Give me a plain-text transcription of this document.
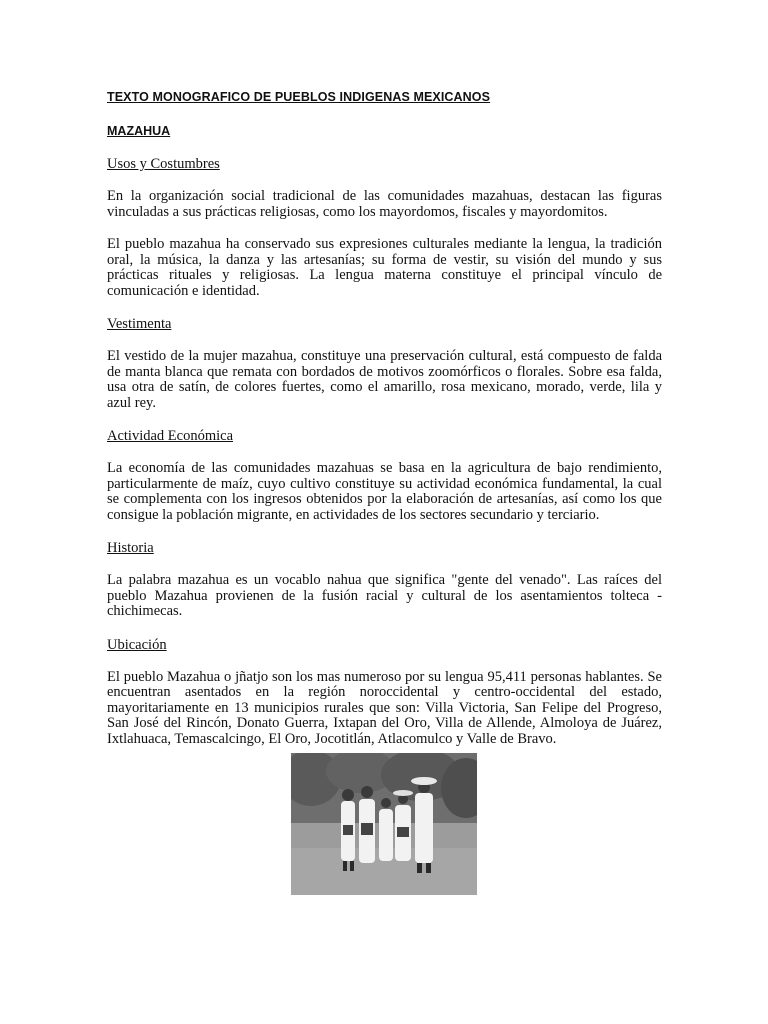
TEXTO MONOGRAFICO DE PUEBLOS INDIGENAS MEXICANOS
MAZAHUA
Usos y Costumbres

En la organización social tradicional de las comunidades mazahuas, destacan las figuras vinculadas a sus prácticas religiosas, como los mayordomos, fiscales y mayordomitos.

El pueblo mazahua ha conservado sus expresiones culturales mediante la lengua, la tradición oral, la música, la danza y las artesanías; su forma de vestir, su visión del mundo y sus prácticas rituales y religiosas. La lengua materna constituye el principal vínculo de comunicación e identidad.

Vestimenta

El vestido de la mujer mazahua, constituye una preservación cultural, está compuesto de falda de manta blanca que remata con bordados de motivos zoomórficos o florales. Sobre esa falda, usa otra de satín, de colores fuertes, como el amarillo, rosa mexicano, morado, verde, lila y azul rey.

Actividad Económica

La economía de las comunidades mazahuas se basa en la agricultura de bajo rendimiento, particularmente de maíz, cuyo cultivo constituye su actividad económica fundamental, la cual se complementa con los ingresos obtenidos por la elaboración de artesanías, así como los que consigue la población migrante, en actividades de los sectores secundario y terciario.

Historia

La palabra mazahua es un vocablo nahua que significa "gente del venado". Las raíces del pueblo Mazahua provienen de la fusión racial y cultural de los asentamientos tolteca - chichimecas.

Ubicación

El pueblo Mazahua o jñatjo son los mas numeroso por su lengua 95,411 personas hablantes. Se encuentran asentados en la región noroccidental y centro-occidental del estado, mayoritariamente en 13 municipios rurales que son: Villa Victoria, San Felipe del Progreso, San José del Rincón, Donato Guerra, Ixtapan del Oro, Villa de Allende, Almoloya de Juárez, Ixtlahuaca, Temascalcingo, El Oro, Jocotitlán, Atlacomulco y Valle de Bravo.
